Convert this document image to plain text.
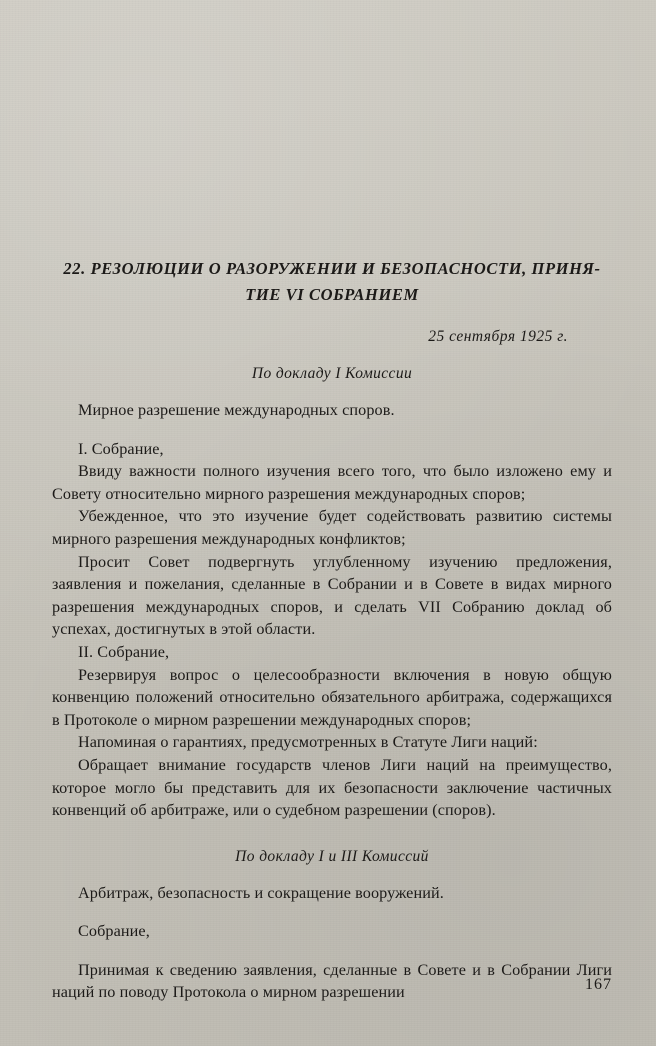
22. РЕЗОЛЮЦИИ О РАЗОРУЖЕНИИ И БЕЗОПАСНОСТИ, ПРИНЯ-
ТИЕ VI СОБРАНИЕМ
25 сентября 1925 г.
По докладу I Комиссии

Мирное разрешение международных споров.

I. Собрание,

Ввиду важности полного изучения всего того, что было изложено ему и Совету относительно мирного разрешения международных споров;

Убежденное, что это изучение будет содействовать развитию системы мирного разрешения международных конфликтов;

Просит Совет подвергнуть углубленному изучению предложения, заявления и пожелания, сделанные в Собрании и в Совете в видах мирного разрешения международных споров, и сделать VII Собранию доклад об успехах, достигнутых в этой области.

II. Собрание,

Резервируя вопрос о целесообразности включения в новую общую конвенцию положений относительно обязательного арбитража, содержащихся в Протоколе о мирном разрешении международных споров;

Напоминая о гарантиях, предусмотренных в Статуте Лиги наций:

Обращает внимание государств членов Лиги наций на преимущество, которое могло бы представить для их безопасности заключение частичных конвенций об арбитраже, или о судебном разрешении (споров).

По докладу I и III Комиссий

Арбитраж, безопасность и сокращение вооружений.

Собрание,

Принимая к сведению заявления, сделанные в Совете и в Собрании Лиги наций по поводу Протокола о мирном разрешении	167
